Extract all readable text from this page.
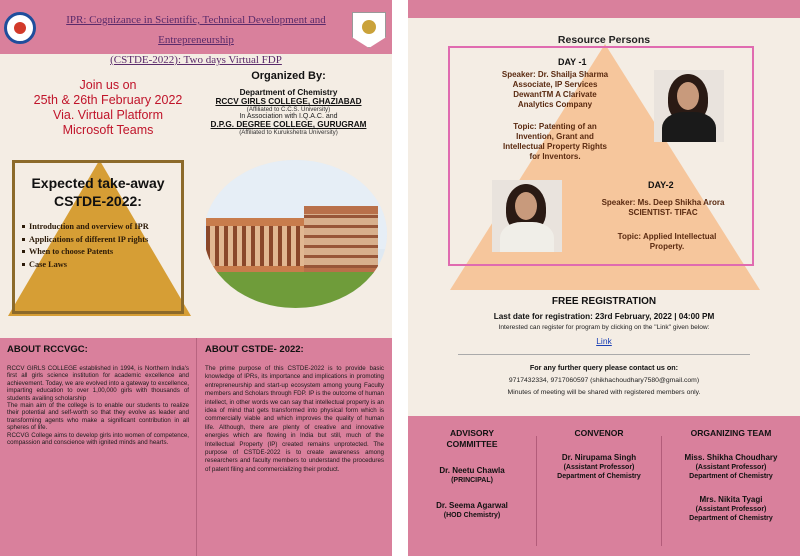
IPR: Cognizance in Scientific, Technical Development and Entrepreneurship
(CSTDE-2022): Two days Virtual FDP
Join us on
25th & 26th February 2022
Via. Virtual Platform
Microsoft Teams
Organized By:
Department of Chemistry
RCCV GIRLS COLLEGE, GHAZIABAD
(Affiliated to C.C.S. University)
In Association with I.Q.A.C. and
D.P.G. DEGREE COLLEGE, GURUGRAM
(Affiliated to Kurukshetra University)
Expected take-away
CSTDE-2022:
Introduction and overview of IPR
Applications of different IP rights
When to choose Patents
Case Laws
ABOUT RCCVGC:

RCCV GIRLS COLLEGE established in 1994, is Northern India's first all girls science institution for academic excellence and achievement. Today, we are evolved into a gateway to excellence, imparting education to over 1,00,000 girls with thousands of students availing scholarship

The main aim of the college is to enable our students to realize their potential and self-worth so that they evolve as leader and transforming agents who make a significant contribution in all spheres of life.

RCCVG College aims to develop girls into women of competence, compassion and conscience with ignited minds and hearts.

ABOUT CSTDE- 2022:

The prime purpose of this CSTDE-2022 is to provide basic knowledge of IPRs, its importance and implications in promoting entrepreneurship and start-up ecosystem among young Faculty members and Scholars through FDP. IP is the outcome of human intellect, in other words we can say that intellectual property is an idea of mind that gets transformed into physical form which is commercially viable and which improves the quality of human life. Although, there are plenty of creative and innovative energies which are flowing in India but still, much of the Intellectual Property (IP) created remains unprotected. The purpose of CSTDE-2022 is to create awareness among researchers and faculty members to understand the procedures of patent filing and commercializing their product.

Resource Persons
DAY -1
Speaker: Dr. Shailja Sharma
Associate, IP Services
DewantTM A Clarivate
Analytics Company
Topic: Patenting of an
Invention, Grant and
Intellectual Property Rights
for Inventors.
DAY-2
Speaker: Ms. Deep Shikha Arora
SCIENTIST- TIFAC
Topic: Applied Intellectual
Property.
FREE REGISTRATION
Last date for registration: 23rd February, 2022 | 04:00 PM
Interested can register for program by clicking on the "Link" given below:
Link
For any further query please contact us on:
9717432334, 9717060597 (shikhachoudhary7580@gmail.com)
Minutes of meeting will be shared with registered members only.
ADVISORY
COMMITTEE
Dr. Neetu Chawla
(PRINCIPAL)
Dr. Seema Agarwal
(HOD Chemistry)
CONVENOR
Dr. Nirupama Singh
(Assistant Professor)
Department of Chemistry
ORGANIZING TEAM
Miss. Shikha Choudhary
(Assistant Professor)
Department of Chemistry
Mrs. Nikita Tyagi
(Assistant Professor)
Department of Chemistry
